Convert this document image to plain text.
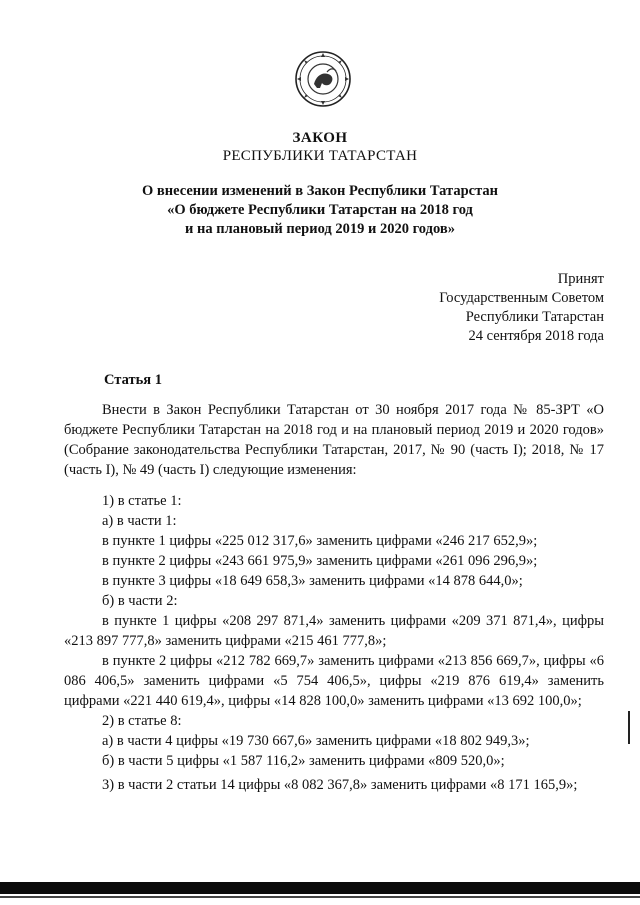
ЗАКОН
РЕСПУБЛИКИ ТАТАРСТАН
О внесении изменений в Закон Республики Татарстан
«О бюджете Республики Татарстан на 2018 год
и на плановый период 2019 и 2020 годов»
Принят
Государственным Советом
Республики Татарстан
24 сентября 2018 года
Статья 1
Внести в Закон Республики Татарстан от 30 ноября 2017 года № 85-ЗРТ «О бюджете Республики Татарстан на 2018 год и на плановый период 2019 и 2020 годов» (Собрание законодательства Республики Татарстан, 2017, № 90 (часть I); 2018, № 17 (часть I), № 49 (часть I) следующие изменения:
1) в статье 1:
а) в части 1:
в пункте 1 цифры «225 012 317,6» заменить цифрами «246 217 652,9»;
в пункте 2 цифры «243 661 975,9» заменить цифрами «261 096 296,9»;
в пункте 3 цифры «18 649 658,3» заменить цифрами «14 878 644,0»;
б) в части 2:
в пункте 1 цифры «208 297 871,4» заменить цифрами «209 371 871,4», цифры «213 897 777,8» заменить цифрами «215 461 777,8»;
в пункте 2 цифры «212 782 669,7» заменить цифрами «213 856 669,7», цифры «6 086 406,5» заменить цифрами «5 754 406,5», цифры «219 876 619,4» заменить цифрами «221 440 619,4», цифры «14 828 100,0» заменить цифрами «13 692 100,0»;
2) в статье 8:
а) в части 4 цифры «19 730 667,6» заменить цифрами «18 802 949,3»;
б) в части 5 цифры «1 587 116,2» заменить цифрами «809 520,0»;
3) в части 2 статьи 14 цифры «8 082 367,8» заменить цифрами «8 171 165,9»;
